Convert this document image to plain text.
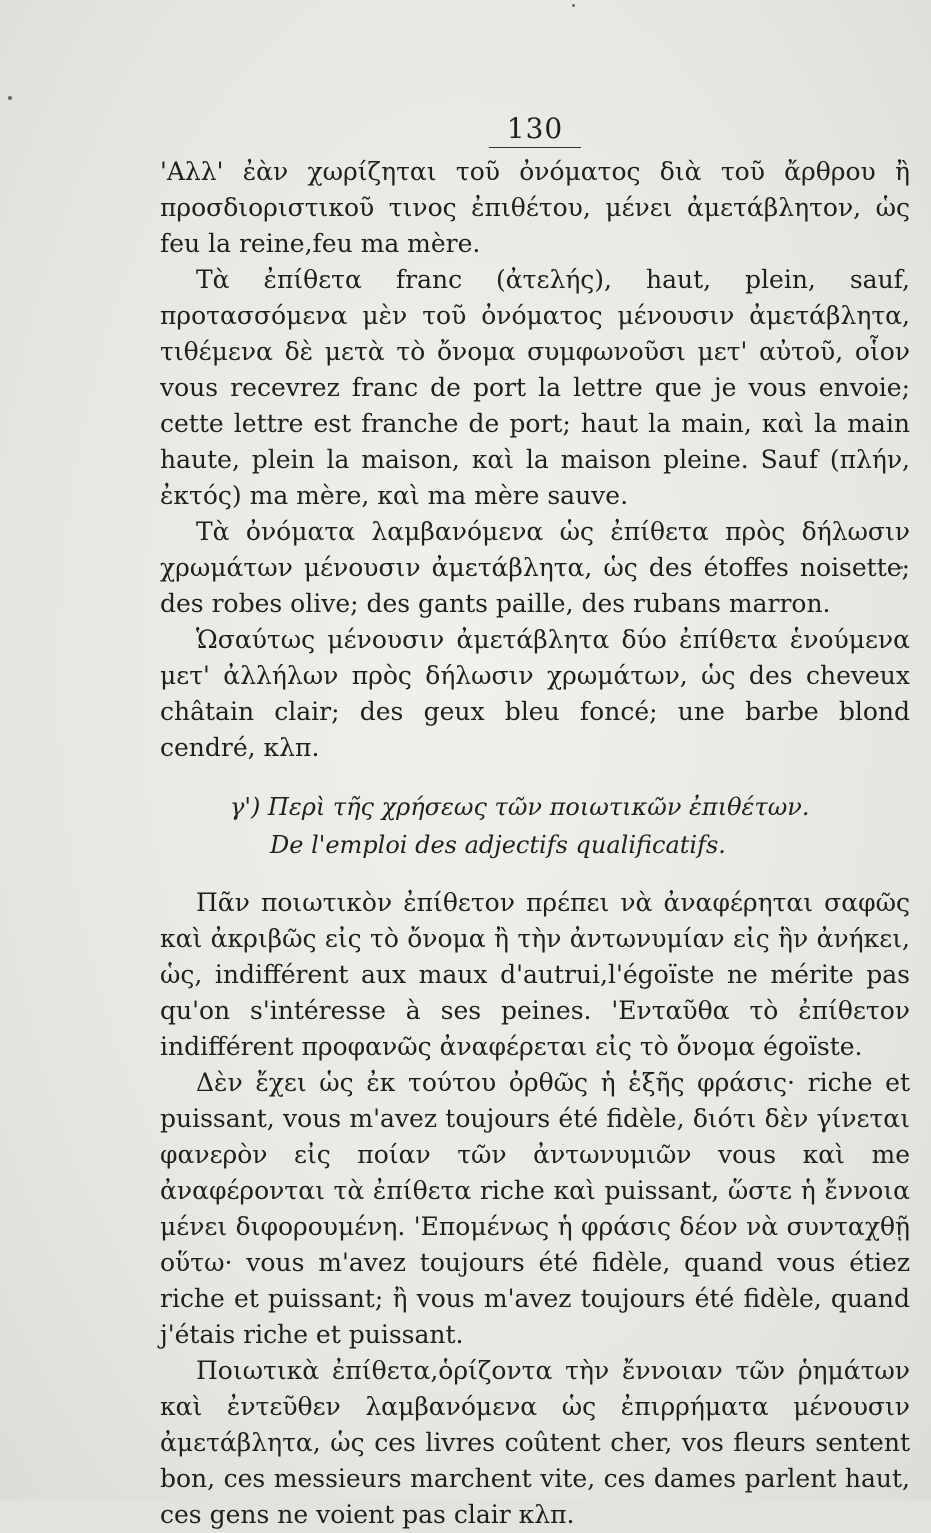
130

'Αλλ' ἐὰν χωρίζηται τοῦ ὀνόματος διὰ τοῦ ἄρθρου ἢ προσδιοριστικοῦ τινος ἐπιθέτου, μένει ἀμετάβλητον, ὡς feu la reine,feu ma mère.

Τὰ ἐπίθετα franc (ἀτελής), haut, plein, sauf, προτασσόμενα μὲν τοῦ ὀνόματος μένουσιν ἀμετάβλητα, τιθέμενα δὲ μετὰ τὸ ὄνομα συμφωνοῦσι μετ' αὐτοῦ, οἷον vous recevrez franc de port la lettre que je vous envoie; cette lettre est franche de port; haut la main, καὶ la main haute, plein la maison, καὶ la maison pleine. Sauf (πλήν, ἐκτός) ma mère, καὶ ma mère sauve.

Τὰ ὀνόματα λαμβανόμενα ὡς ἐπίθετα πρὸς δήλωσιν χρωμάτων μένουσιν ἀμετάβλητα, ὡς des étoffes noisette; des robes olive; des gants paille, des rubans marron.

Ὡσαύτως μένουσιν ἀμετάβλητα δύο ἐπίθετα ἑνούμενα μετ' ἀλλήλων πρὸς δήλωσιν χρωμάτων, ὡς des cheveux châtain clair; des geux bleu foncé; une barbe blond cendré, κλπ.

γ') Περὶ τῆς χρήσεως τῶν ποιωτικῶν ἐπιθέτων.
De l'emploi des adjectifs qualificatifs.

Πᾶν ποιωτικὸν ἐπίθετον πρέπει νὰ ἀναφέρηται σαφῶς καὶ ἀκριβῶς εἰς τὸ ὄνομα ἢ τὴν ἀντωνυμίαν εἰς ἣν ἀνήκει, ὡς, indifférent aux maux d'autrui,l'égoïste ne mérite pas qu'on s'intéresse à ses peines. 'Ενταῦθα τὸ ἐπίθετον indifférent προφανῶς ἀναφέρεται εἰς τὸ ὄνομα égoïste.

Δὲν ἔχει ὡς ἐκ τούτου ὀρθῶς ἡ ἑξῆς φράσις· riche et puissant, vous m'avez toujours été fidèle, διότι δὲν γίνεται φανερὸν εἰς ποίαν τῶν ἀντωνυμιῶν vous καὶ me ἀναφέρονται τὰ ἐπίθετα riche καὶ puissant, ὥστε ἡ ἔννοια μένει διφορουμένη. 'Επομένως ἡ φράσις δέον νὰ συνταχθῇ οὕτω· vous m'avez toujours été fidèle, quand vous étiez riche et puissant; ἢ vous m'avez toujours été fidèle, quand j'étais riche et puissant.

Ποιωτικὰ ἐπίθετα,ὁρίζοντα τὴν ἔννοιαν τῶν ῥημάτων καὶ ἐντεῦθεν λαμβανόμενα ὡς ἐπιρρήματα μένουσιν ἀμετάβλητα, ὡς ces livres coûtent cher, vos fleurs sentent bon, ces messieurs marchent vite, ces dames parlent haut, ces gens ne voient pas clair κλπ.
